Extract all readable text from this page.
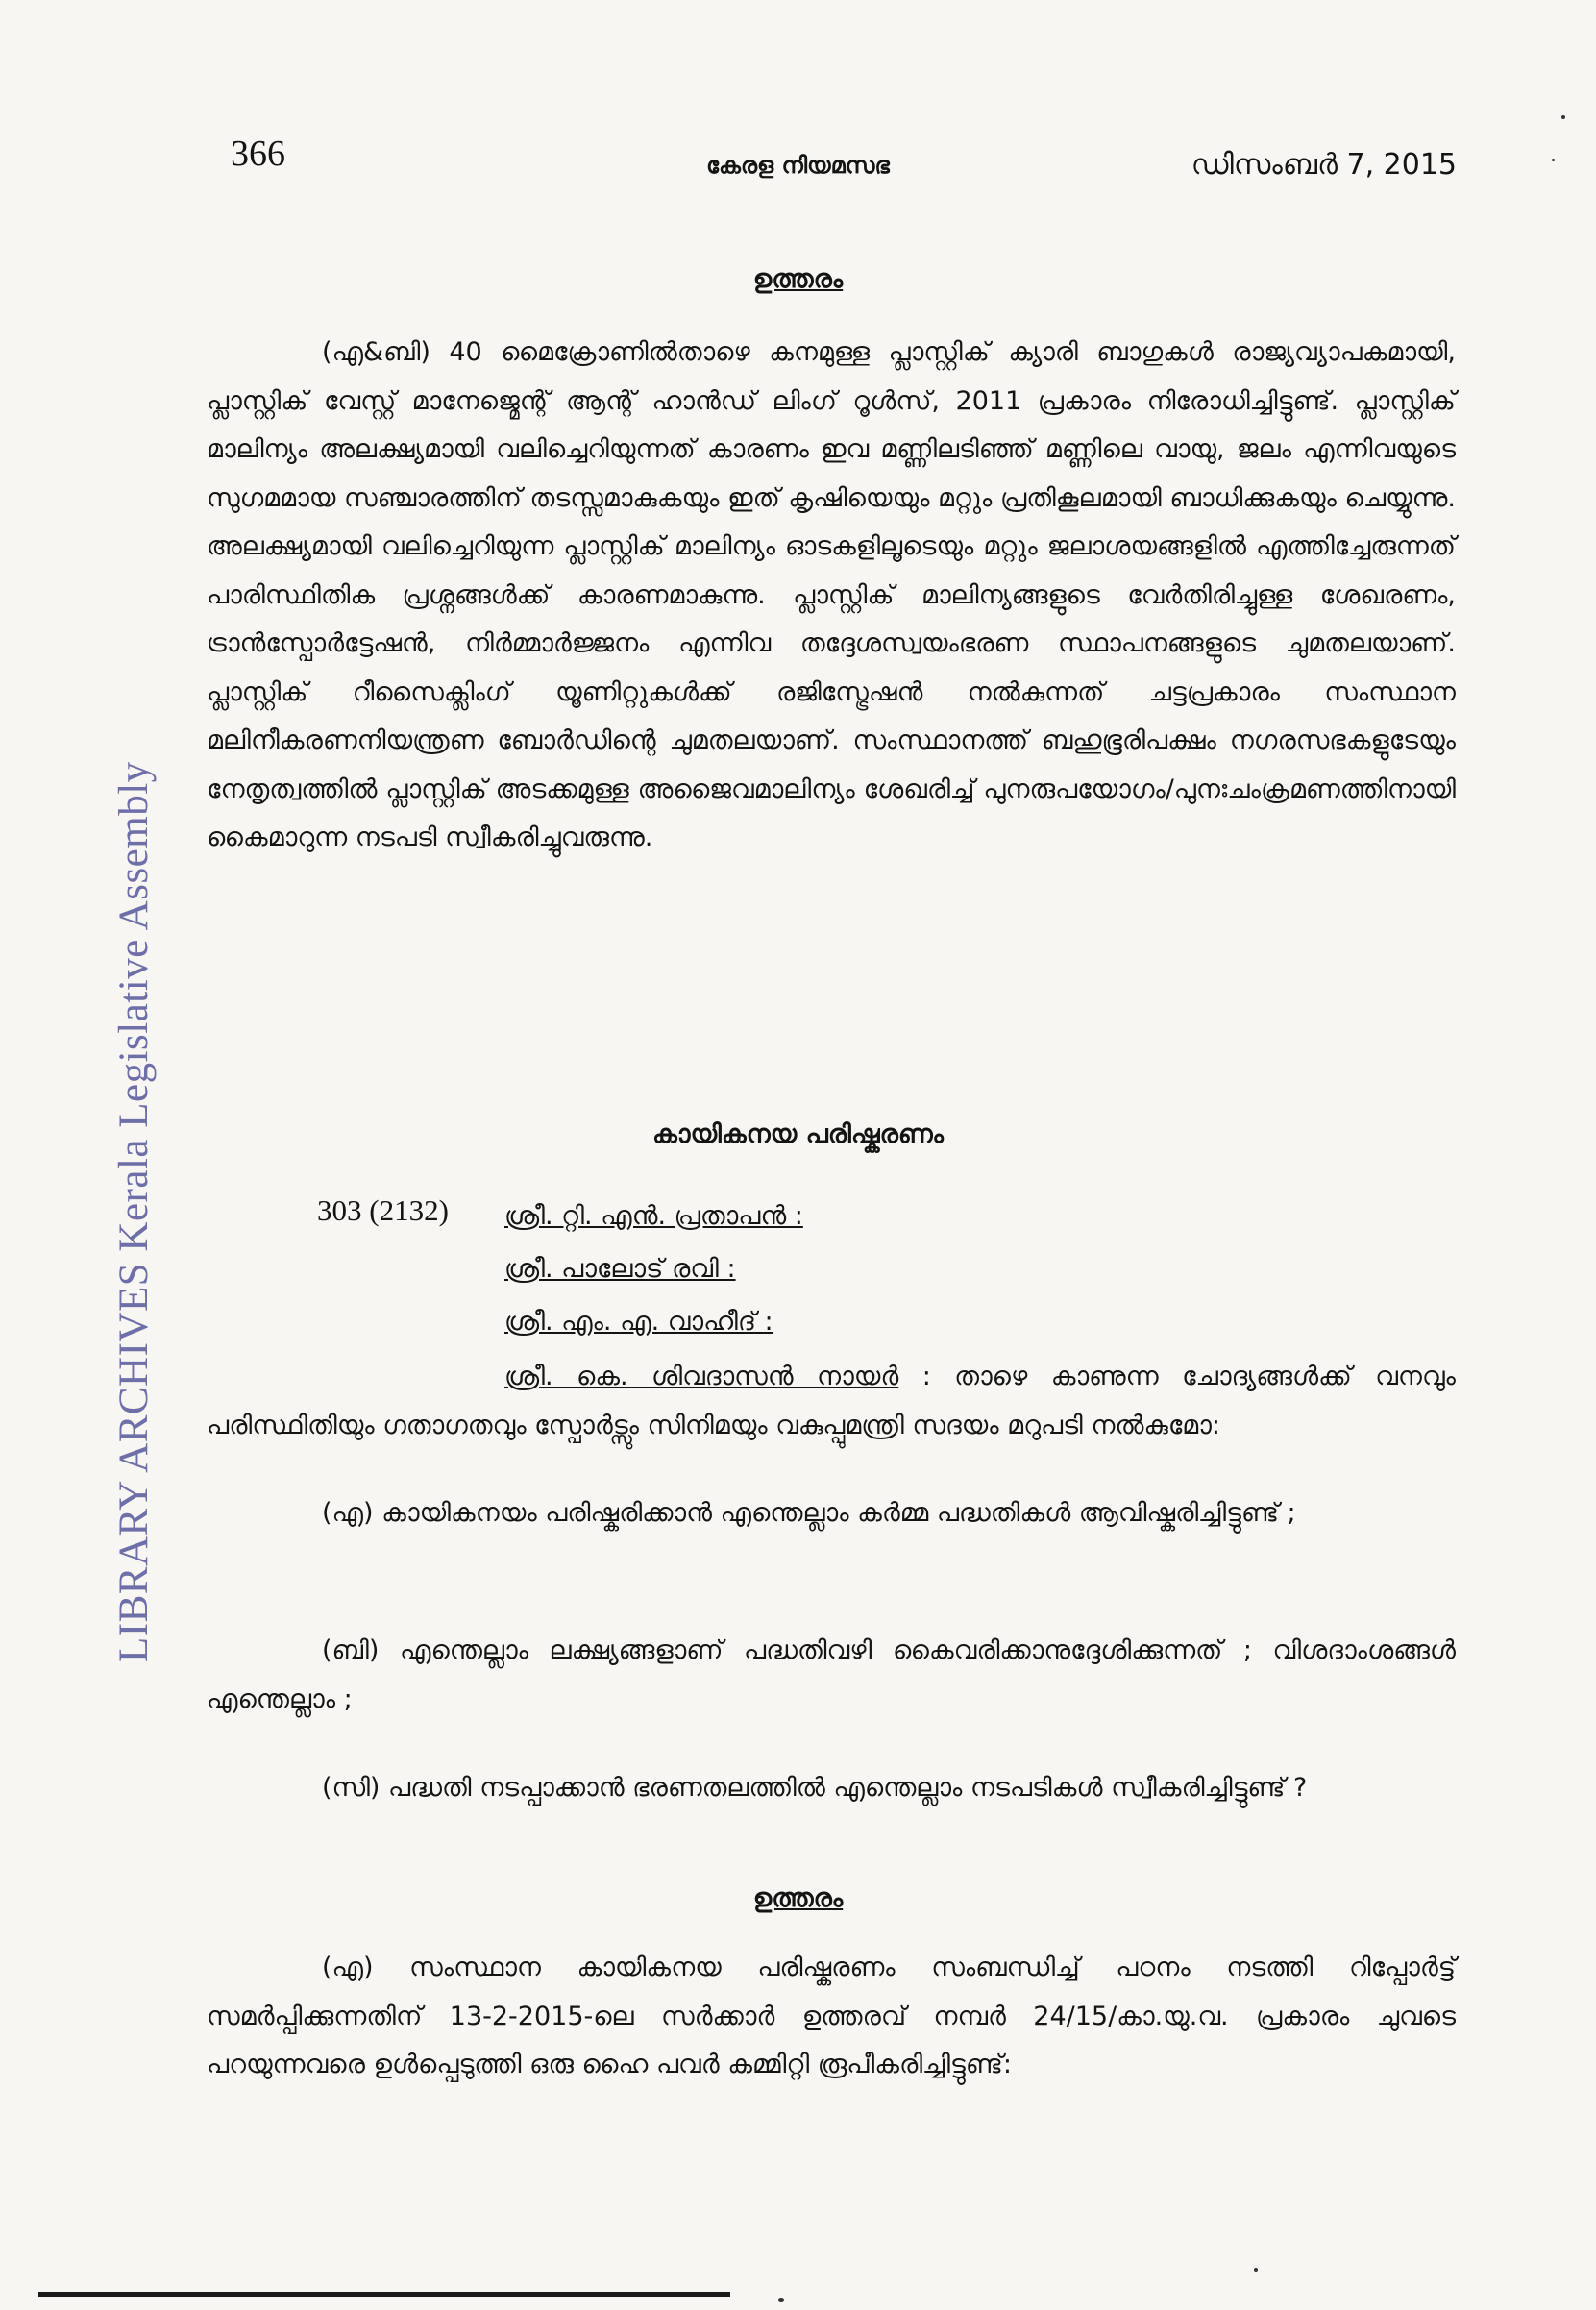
LIBRARY ARCHIVES Kerala Legislative Assembly
366	കേരള നിയമസഭ	ഡിസംബർ 7, 2015
ഉത്തരം
(എ&ബി) 40 മൈക്രോണിൽതാഴെ കനമുള്ള പ്ലാസ്റ്റിക് ക്യാരി ബാഗുകൾ രാജ്യവ്യാപകമായി, പ്ലാസ്റ്റിക് വേസ്റ്റ് മാനേജ്മെന്റ് ആന്റ് ഹാൻഡ് ലിംഗ് റൂൾസ്, 2011 പ്രകാരം നിരോധിച്ചിട്ടുണ്ട്. പ്ലാസ്റ്റിക് മാലിന്യം അലക്ഷ്യമായി വലിച്ചെറിയുന്നത് കാരണം ഇവ മണ്ണിലടിഞ്ഞ് മണ്ണിലെ വായു, ജലം എന്നിവയുടെ സുഗമമായ സഞ്ചാരത്തിന് തടസ്സമാകുകയും ഇത് കൃഷിയെയും മറ്റും പ്രതികൂലമായി ബാധിക്കുകയും ചെയ്യുന്നു. അലക്ഷ്യമായി വലിച്ചെറിയുന്ന പ്ലാസ്റ്റിക് മാലിന്യം ഓടകളിലൂടെയും മറ്റും ജലാശയങ്ങളിൽ എത്തിച്ചേരുന്നത് പാരിസ്ഥിതിക പ്രശ്നങ്ങൾക്ക് കാരണമാകുന്നു. പ്ലാസ്റ്റിക് മാലിന്യങ്ങളുടെ വേർതിരിച്ചുള്ള ശേഖരണം, ട്രാൻസ്പോർട്ടേഷൻ, നിർമ്മാർജ്ജനം എന്നിവ തദ്ദേശസ്വയംഭരണ സ്ഥാപനങ്ങളുടെ ചുമതലയാണ്. പ്ലാസ്റ്റിക് റീസൈക്ലിംഗ് യൂണിറ്റുകൾക്ക് രജിസ്ട്രേഷൻ നൽകുന്നത് ചട്ടപ്രകാരം സംസ്ഥാന മലിനീകരണനിയന്ത്രണ ബോർഡിന്റെ ചുമതലയാണ്. സംസ്ഥാനത്ത് ബഹുഭൂരിപക്ഷം നഗരസഭകളുടേയും നേതൃത്വത്തിൽ പ്ലാസ്റ്റിക് അടക്കമുള്ള അജൈവമാലിന്യം ശേഖരിച്ച് പുനരുപയോഗം/പുനഃചംക്രമണത്തിനായി കൈമാറുന്ന നടപടി സ്വീകരിച്ചുവരുന്നു.
കായികനയ പരിഷ്കരണം
303 (2132) ശ്രീ. റ്റി. എൻ. പ്രതാപൻ :
ശ്രീ. പാലോട് രവി :
ശ്രീ. എം. എ. വാഹീദ് :
ശ്രീ. കെ. ശിവദാസൻ നായർ : താഴെ കാണുന്ന ചോദ്യങ്ങൾക്ക് വനവും പരിസ്ഥിതിയും ഗതാഗതവും സ്പോർട്സും സിനിമയും വകുപ്പുമന്ത്രി സദയം മറുപടി നൽകുമോ:
(എ) കായികനയം പരിഷ്കരിക്കാൻ എന്തെല്ലാം കർമ്മ പദ്ധതികൾ ആവിഷ്കരിച്ചിട്ടുണ്ട് ;
(ബി) എന്തെല്ലാം ലക്ഷ്യങ്ങളാണ് പദ്ധതിവഴി കൈവരിക്കാനുദ്ദേശിക്കുന്നത് ; വിശദാംശങ്ങൾ എന്തെല്ലാം ;
(സി) പദ്ധതി നടപ്പാക്കാൻ ഭരണതലത്തിൽ എന്തെല്ലാം നടപടികൾ സ്വീകരിച്ചിട്ടുണ്ട് ?
ഉത്തരം
(എ) സംസ്ഥാന കായികനയ പരിഷ്കരണം സംബന്ധിച്ച് പഠനം നടത്തി റിപ്പോർട്ട് സമർപ്പിക്കുന്നതിന് 13-2-2015-ലെ സർക്കാർ ഉത്തരവ് നമ്പർ 24/15/കാ.യു.വ. പ്രകാരം ചുവടെ പറയുന്നവരെ ഉൾപ്പെടുത്തി ഒരു ഹൈ പവർ കമ്മിറ്റി രൂപീകരിച്ചിട്ടുണ്ട്:
